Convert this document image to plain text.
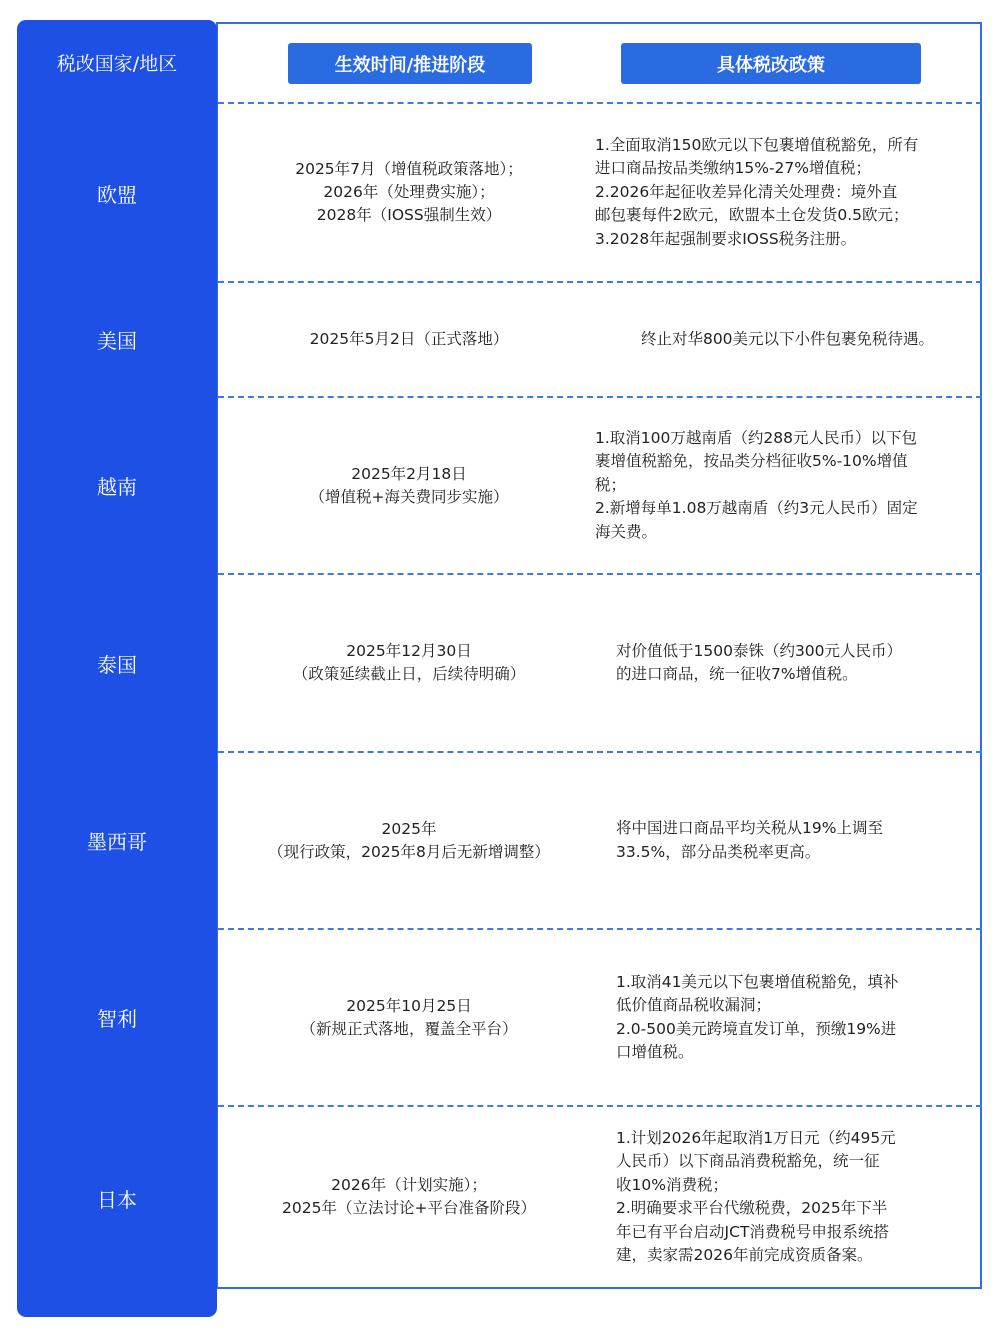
税改国家/地区
欧盟
美国
越南
泰国
墨西哥
智利
日本
生效时间/推进阶段	具体税改政策
2025年7月（增值税政策落地）；
2026年（处理费实施）；
2028年（IOSS强制生效）
1.全面取消150欧元以下包裹增值税豁免，所有
进口商品按品类缴纳15%-27%增值税；
2.2026年起征收差异化清关处理费：境外直
邮包裹每件2欧元，欧盟本土仓发货0.5欧元；
3.2028年起强制要求IOSS税务注册。
2025年5月2日（正式落地）	终止对华800美元以下小件包裹免税待遇。
2025年2月18日
（增值税+海关费同步实施）
1.取消100万越南盾（约288元人民币）以下包
裹增值税豁免，按品类分档征收5%-10%增值
税；
2.新增每单1.08万越南盾（约3元人民币）固定
海关费。
2025年12月30日
（政策延续截止日，后续待明确）
对价值低于1500泰铢（约300元人民币）
的进口商品，统一征收7%增值税。
2025年
（现行政策，2025年8月后无新增调整）
将中国进口商品平均关税从19%上调至
33.5%，部分品类税率更高。
2025年10月25日
（新规正式落地，覆盖全平台）
1.取消41美元以下包裹增值税豁免，填补
低价值商品税收漏洞；
2.0-500美元跨境直发订单，预缴19%进
口增值税。
2026年（计划实施）；
2025年（立法讨论+平台准备阶段）
1.计划2026年起取消1万日元（约495元
人民币）以下商品消费税豁免，统一征
收10%消费税；
2.明确要求平台代缴税费，2025年下半
年已有平台启动JCT消费税号申报系统搭
建，卖家需2026年前完成资质备案。
